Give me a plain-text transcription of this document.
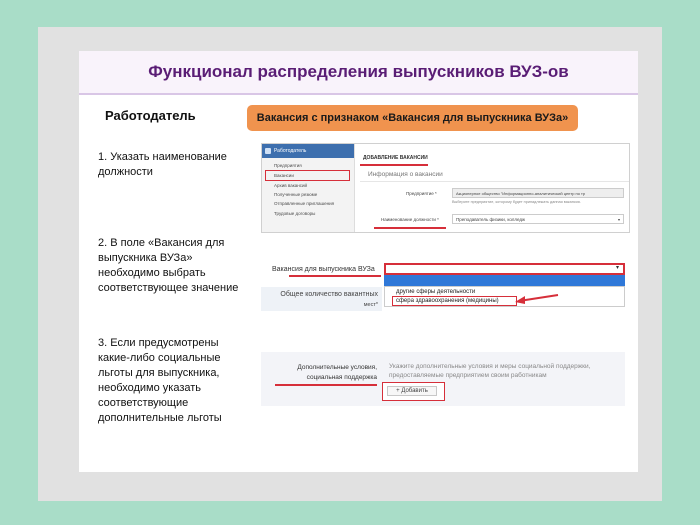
Функционал распределения выпускников ВУЗ-ов
Работодатель	Вакансия с признаком «Вакансия для выпускника ВУЗа»
1. Указать наименование
должности
2. В поле «Вакансия для
выпускника ВУЗа»
необходимо выбрать
соответствующее значение
3. Если предусмотрены
какие-либо социальные
льготы для выпускника,
необходимо указать
соответствующие
дополнительные льготы
Работодатель
Предприятия
Вакансии
Архив вакансий
Полученные резюме
Отправленные приглашения
Трудовые договоры
ДОБАВЛЕНИЕ ВАКАНСИИ
Информация о вакансии
Предприятие *	Акционерное общество "Информационно-аналитический центр по тр
Выберите предприятие, которому будет принадлежать данная вакансия.
Наименование должности *	Преподаватель физики, колледж	▾
Вакансия для выпускника ВУЗа	▾
другие сферы деятельности
сфера здравоохранения (медицины)
Общее количество вакантных
мест*
Дополнительные условия,
социальная поддержка
Укажите дополнительные условия и меры социальной поддержки,
предоставляемые предприятием своим работникам
+ Добавить
